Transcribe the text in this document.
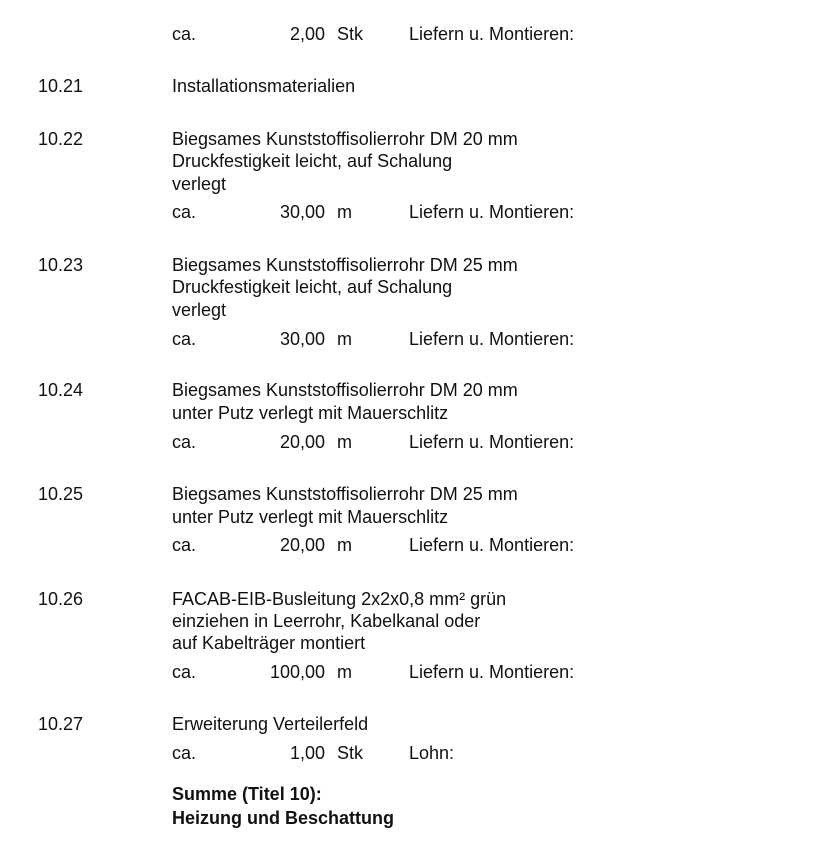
ca.	2,00 Stk	Liefern u. Montieren:
10.21	Installationsmaterialien
10.22	Biegsames Kunststoffisolierrohr DM 20 mm
Druckfestigkeit leicht, auf Schalung
verlegt
ca.	30,00 m	Liefern u. Montieren:
10.23	Biegsames Kunststoffisolierrohr DM 25 mm
Druckfestigkeit leicht, auf Schalung
verlegt
ca.	30,00 m	Liefern u. Montieren:
10.24	Biegsames Kunststoffisolierrohr DM 20 mm
unter Putz verlegt mit Mauerschlitz
ca.	20,00 m	Liefern u. Montieren:
10.25	Biegsames Kunststoffisolierrohr DM 25 mm
unter Putz verlegt mit Mauerschlitz
ca.	20,00 m	Liefern u. Montieren:
10.26	FACAB-EIB-Busleitung 2x2x0,8 mm² grün
einziehen in Leerrohr, Kabelkanal oder
auf Kabelträger montiert
ca.	100,00 m	Liefern u. Montieren:
10.27	Erweiterung Verteilerfeld
ca.	1,00 Stk	Lohn:
Summe (Titel 10):
Heizung und Beschattung
